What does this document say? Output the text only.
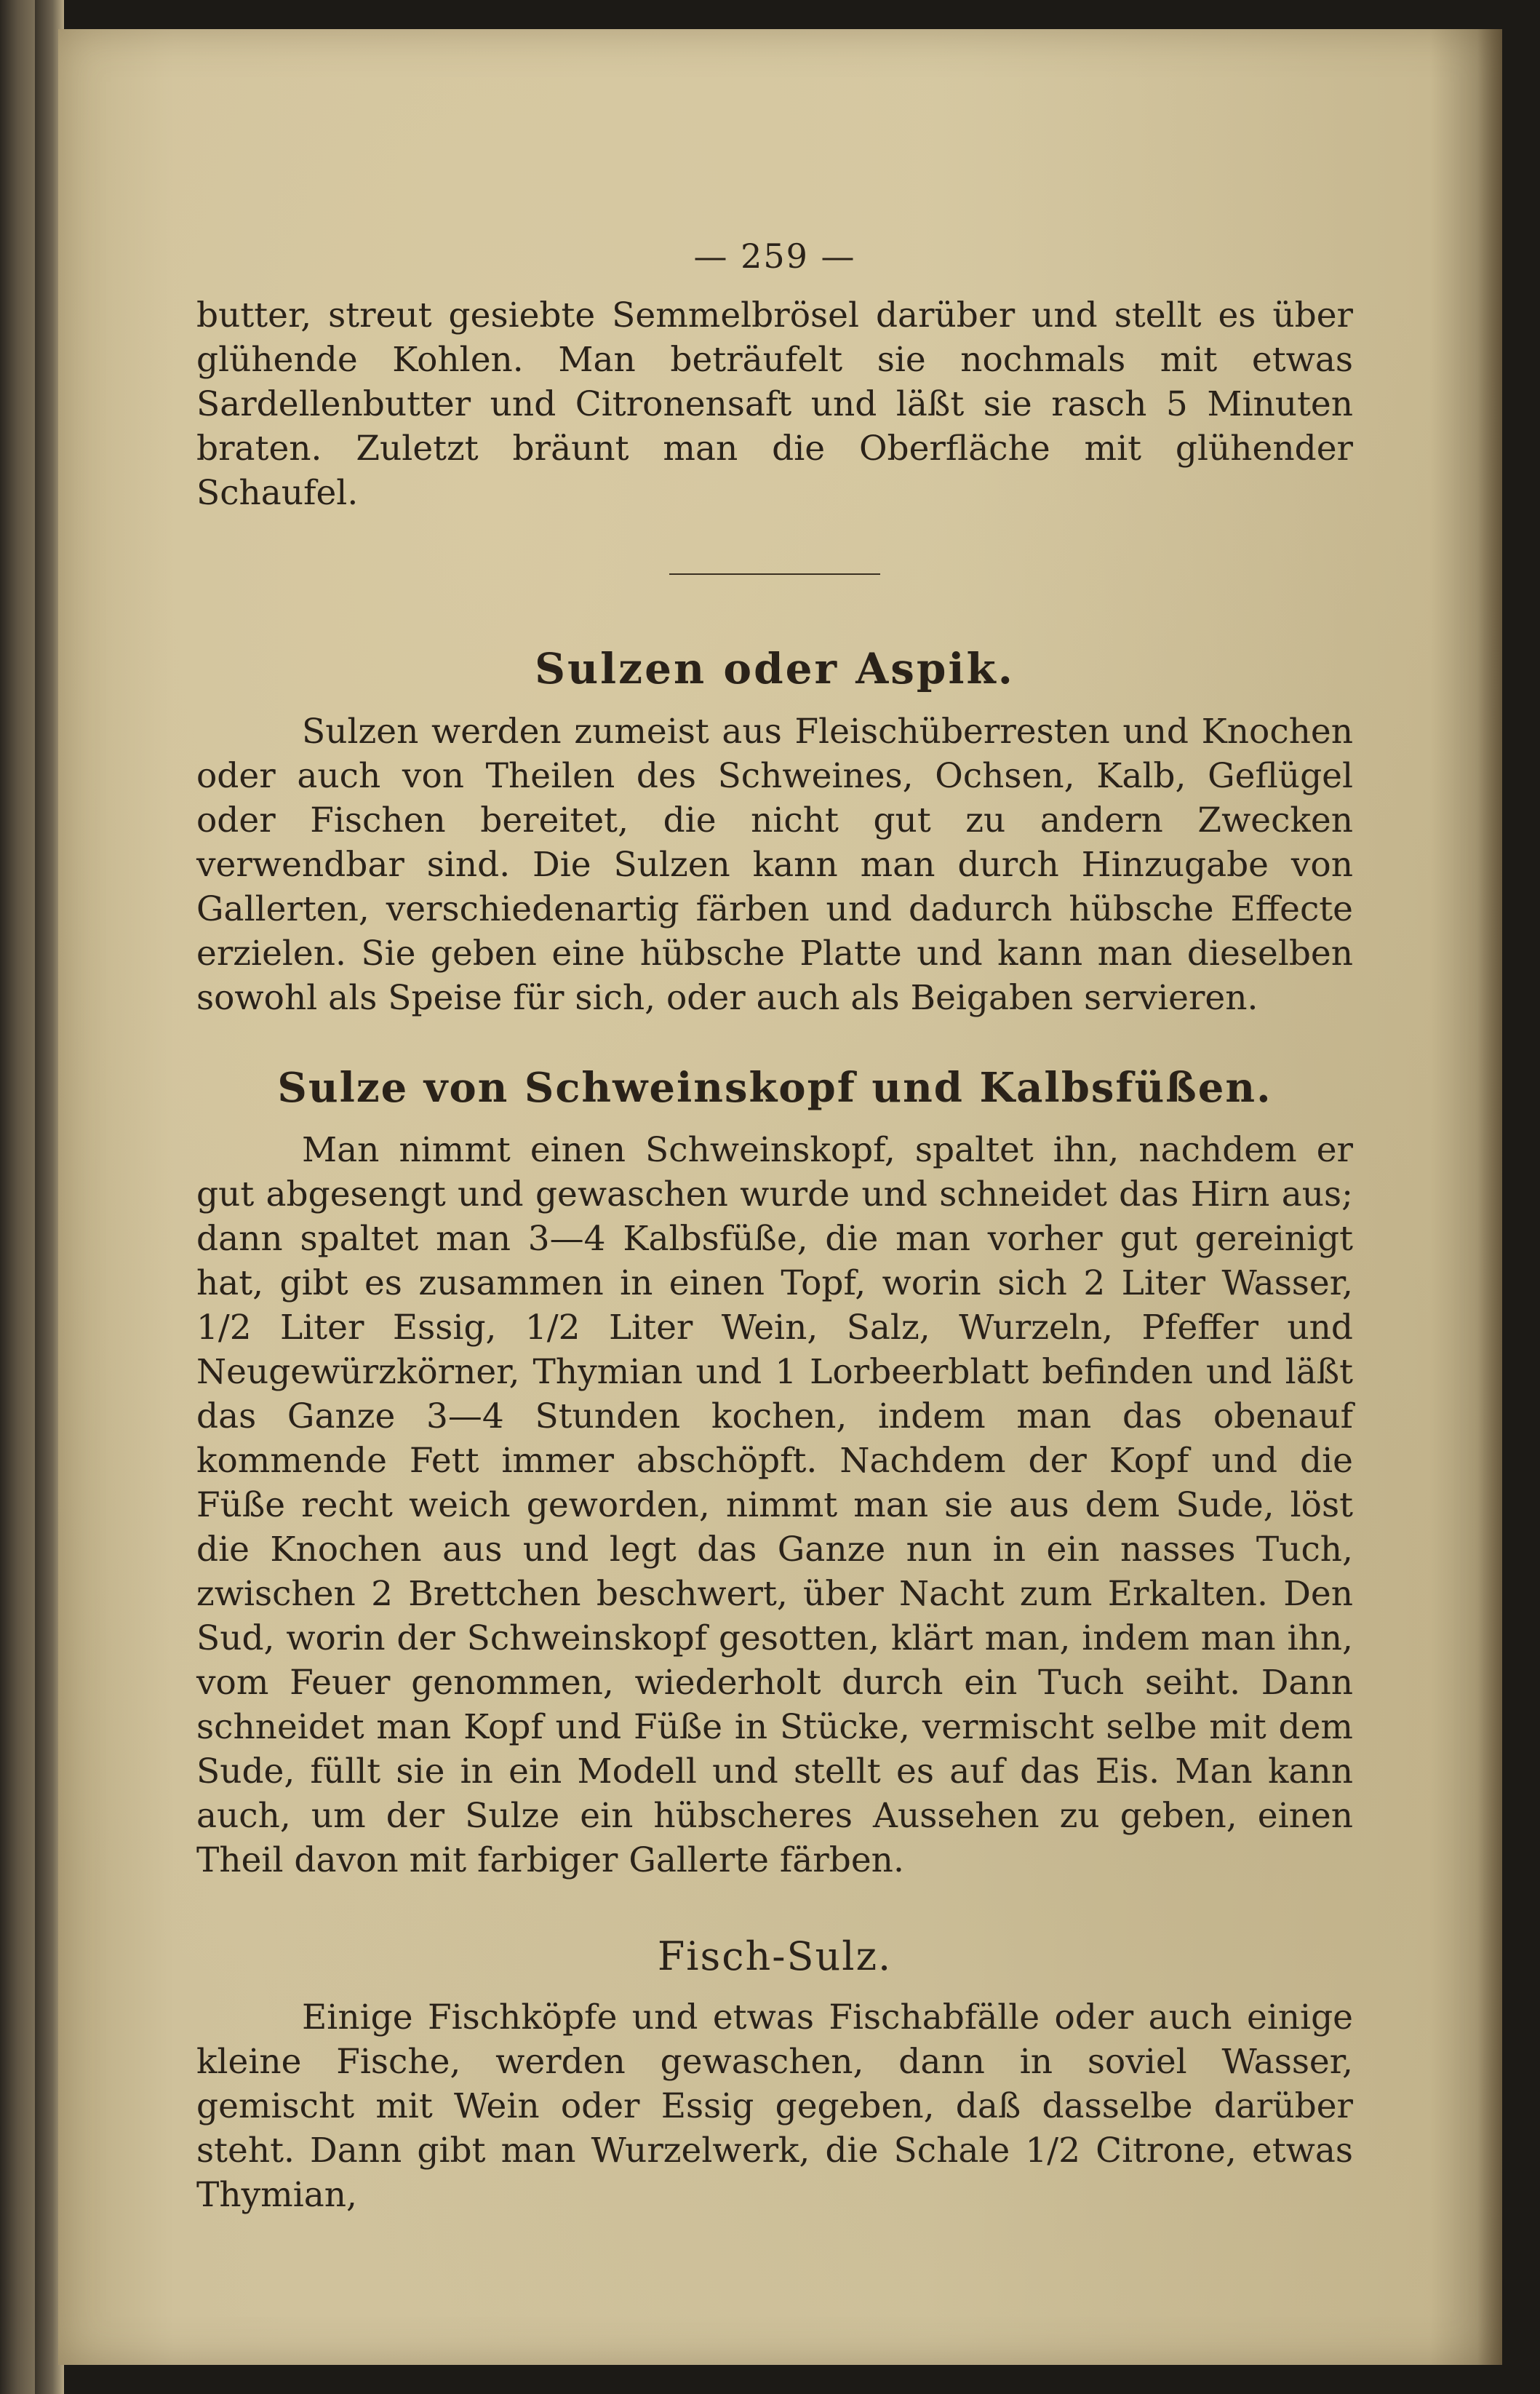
— 259 —

butter, streut gesiebte Semmelbrösel darüber und stellt es über glühende Kohlen. Man beträufelt sie nochmals mit etwas Sardellenbutter und Citronensaft und läßt sie rasch 5 Minuten braten. Zuletzt bräunt man die Oberfläche mit glühender Schaufel.

Sulzen oder Aspik.

Sulzen werden zumeist aus Fleischüberresten und Knochen oder auch von Theilen des Schweines, Ochsen, Kalb, Geflügel oder Fischen bereitet, die nicht gut zu andern Zwecken verwendbar sind. Die Sulzen kann man durch Hinzugabe von Gallerten, verschiedenartig färben und dadurch hübsche Effecte erzielen. Sie geben eine hübsche Platte und kann man dieselben sowohl als Speise für sich, oder auch als Beigaben servieren.

Sulze von Schweinskopf und Kalbsfüßen.

Man nimmt einen Schweinskopf, spaltet ihn, nachdem er gut abgesengt und gewaschen wurde und schneidet das Hirn aus; dann spaltet man 3—4 Kalbsfüße, die man vorher gut gereinigt hat, gibt es zusammen in einen Topf, worin sich 2 Liter Wasser, 1/2 Liter Essig, 1/2 Liter Wein, Salz, Wurzeln, Pfeffer und Neugewürzkörner, Thymian und 1 Lorbeerblatt befinden und läßt das Ganze 3—4 Stunden kochen, indem man das obenauf kommende Fett immer abschöpft. Nachdem der Kopf und die Füße recht weich geworden, nimmt man sie aus dem Sude, löst die Knochen aus und legt das Ganze nun in ein nasses Tuch, zwischen 2 Brettchen beschwert, über Nacht zum Erkalten. Den Sud, worin der Schweinskopf gesotten, klärt man, indem man ihn, vom Feuer genommen, wiederholt durch ein Tuch seiht. Dann schneidet man Kopf und Füße in Stücke, vermischt selbe mit dem Sude, füllt sie in ein Modell und stellt es auf das Eis. Man kann auch, um der Sulze ein hübscheres Aussehen zu geben, einen Theil davon mit farbiger Gallerte färben.

Fisch-Sulz.

Einige Fischköpfe und etwas Fischabfälle oder auch einige kleine Fische, werden gewaschen, dann in soviel Wasser, gemischt mit Wein oder Essig gegeben, daß dasselbe darüber steht. Dann gibt man Wurzelwerk, die Schale 1/2 Citrone, etwas Thymian,
